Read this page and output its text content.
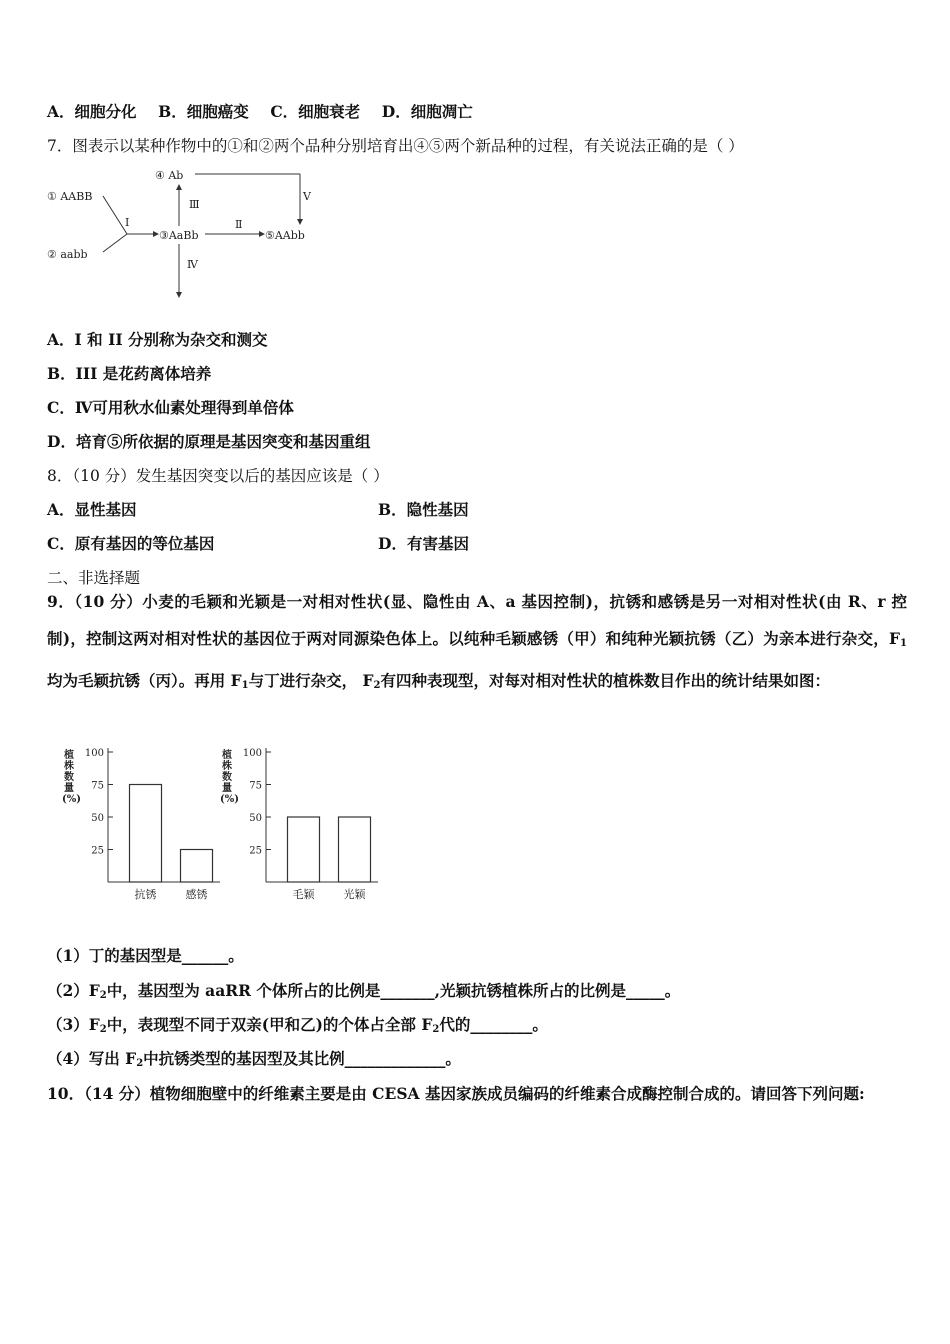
A．细胞分化 B．细胞癌变 C．细胞衰老 D．细胞凋亡
7．图表示以某种作物中的①和②两个品种分别培育出④⑤两个新品种的过程，有关说法正确的是（ ）
① AABB
② aabb
③AaBb
④ Ab
⑤AAbb
Ⅰ	Ⅱ
Ⅲ
Ⅳ
Ⅴ
A．I 和 II 分别称为杂交和测交
B．III 是花药离体培养
C．Ⅳ可用秋水仙素处理得到单倍体
D．培育⑤所依据的原理是基因突变和基因重组
8．（10 分）发生基因突变以后的基因应该是（ ）
A．显性基因	B．隐性基因
C．原有基因的等位基因	D．有害基因
二、非选择题
9．（10 分）小麦的毛颖和光颖是一对相对性状(显、隐性由 A、a 基因控制)，抗锈和感锈是另一对相对性状(由 R、r 控制)，控制这两对相对性状的基因位于两对同源染色体上。以纯种毛颖感锈（甲）和纯种光颖抗锈（乙）为亲本进行杂交，$F_1$均为毛颖抗锈（丙）。再用 $F_1$与丁进行杂交， $F_2$有四种表现型，对每对相对性状的植株数目作出的统计结果如图：
植株数量(%)
25
50
75
100
抗锈	感锈
植株数量(%)
25
50
75
100
毛颖	光颖
（1）丁的基因型是______。
$(2)F_2$中，基因型为 aaRR 个体所占的比例是_______,光颖抗锈植株所占的比例是_____。
$(3)F_2$中，表现型不同于双亲(甲和乙)的个体占全部 $F_2$代的________。
（4）写出 $F_2$中抗锈类型的基因型及其比例_____________。
10．（14 分）植物细胞壁中的纤维素主要是由 CESA 基因家族成员编码的纤维素合成酶控制合成的。请回答下列问题:
